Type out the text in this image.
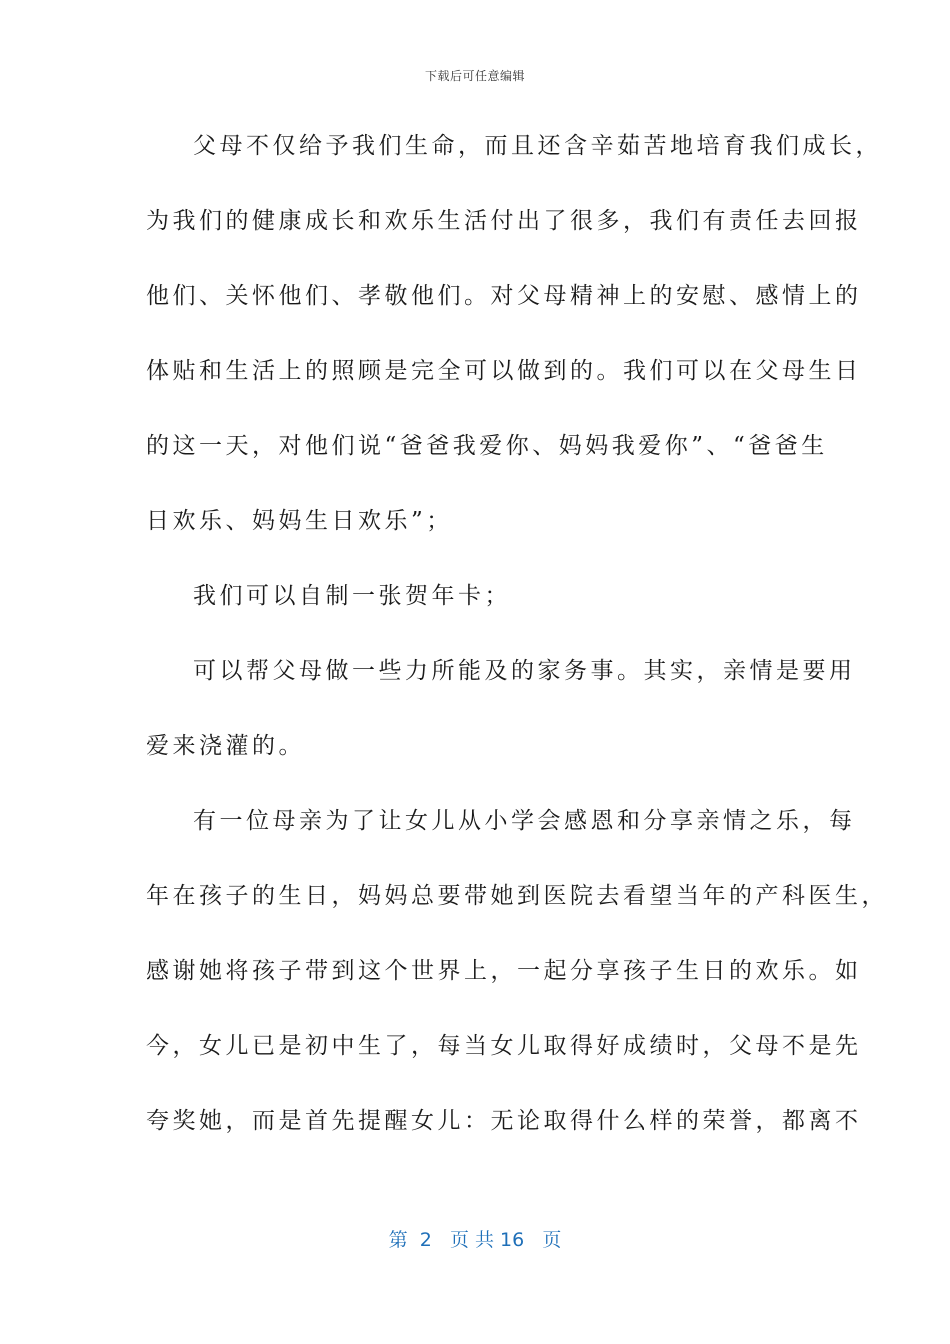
下载后可任意编辑
父母不仅给予我们生命，而且还含辛茹苦地培育我们成长，
为我们的健康成长和欢乐生活付出了很多，我们有责任去回报
他们、关怀他们、孝敬他们。对父母精神上的安慰、感情上的
体贴和生活上的照顾是完全可以做到的。我们可以在父母生日
的这一天，对他们说“爸爸我爱你、妈妈我爱你”、“爸爸生
日欢乐、妈妈生日欢乐”；
我们可以自制一张贺年卡；
可以帮父母做一些力所能及的家务事。其实，亲情是要用
爱来浇灌的。
有一位母亲为了让女儿从小学会感恩和分享亲情之乐，每
年在孩子的生日，妈妈总要带她到医院去看望当年的产科医生，
感谢她将孩子带到这个世界上，一起分享孩子生日的欢乐。如
今，女儿已是初中生了，每当女儿取得好成绩时，父母不是先
夸奖她，而是首先提醒女儿：无论取得什么样的荣誉，都离不
第  2   页 共 16   页
